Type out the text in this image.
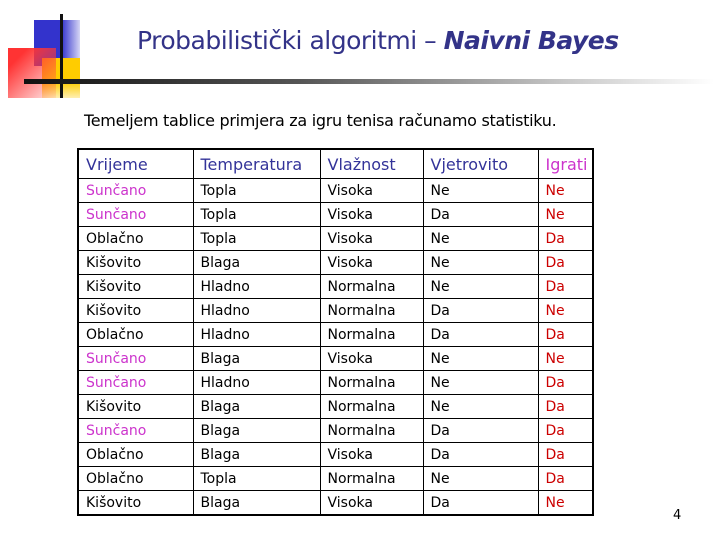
Probabilistički algoritmi – Naivni Bayes
Temeljem tablice primjera za igru tenisa računamo statistiku.
Vrijeme	Temperatura	Vlažnost	Vjetrovito	Igrati
Sunčano	Topla	Visoka	Ne	Ne
Sunčano	Topla	Visoka	Da	Ne
Oblačno	Topla	Visoka	Ne	Da
Kišovito	Blaga	Visoka	Ne	Da
Kišovito	Hladno	Normalna	Ne	Da
Kišovito	Hladno	Normalna	Da	Ne
Oblačno	Hladno	Normalna	Da	Da
Sunčano	Blaga	Visoka	Ne	Ne
Sunčano	Hladno	Normalna	Ne	Da
Kišovito	Blaga	Normalna	Ne	Da
Sunčano	Blaga	Normalna	Da	Da
Oblačno	Blaga	Visoka	Da	Da
Oblačno	Topla	Normalna	Ne	Da
Kišovito	Blaga	Visoka	Da	Ne
4
